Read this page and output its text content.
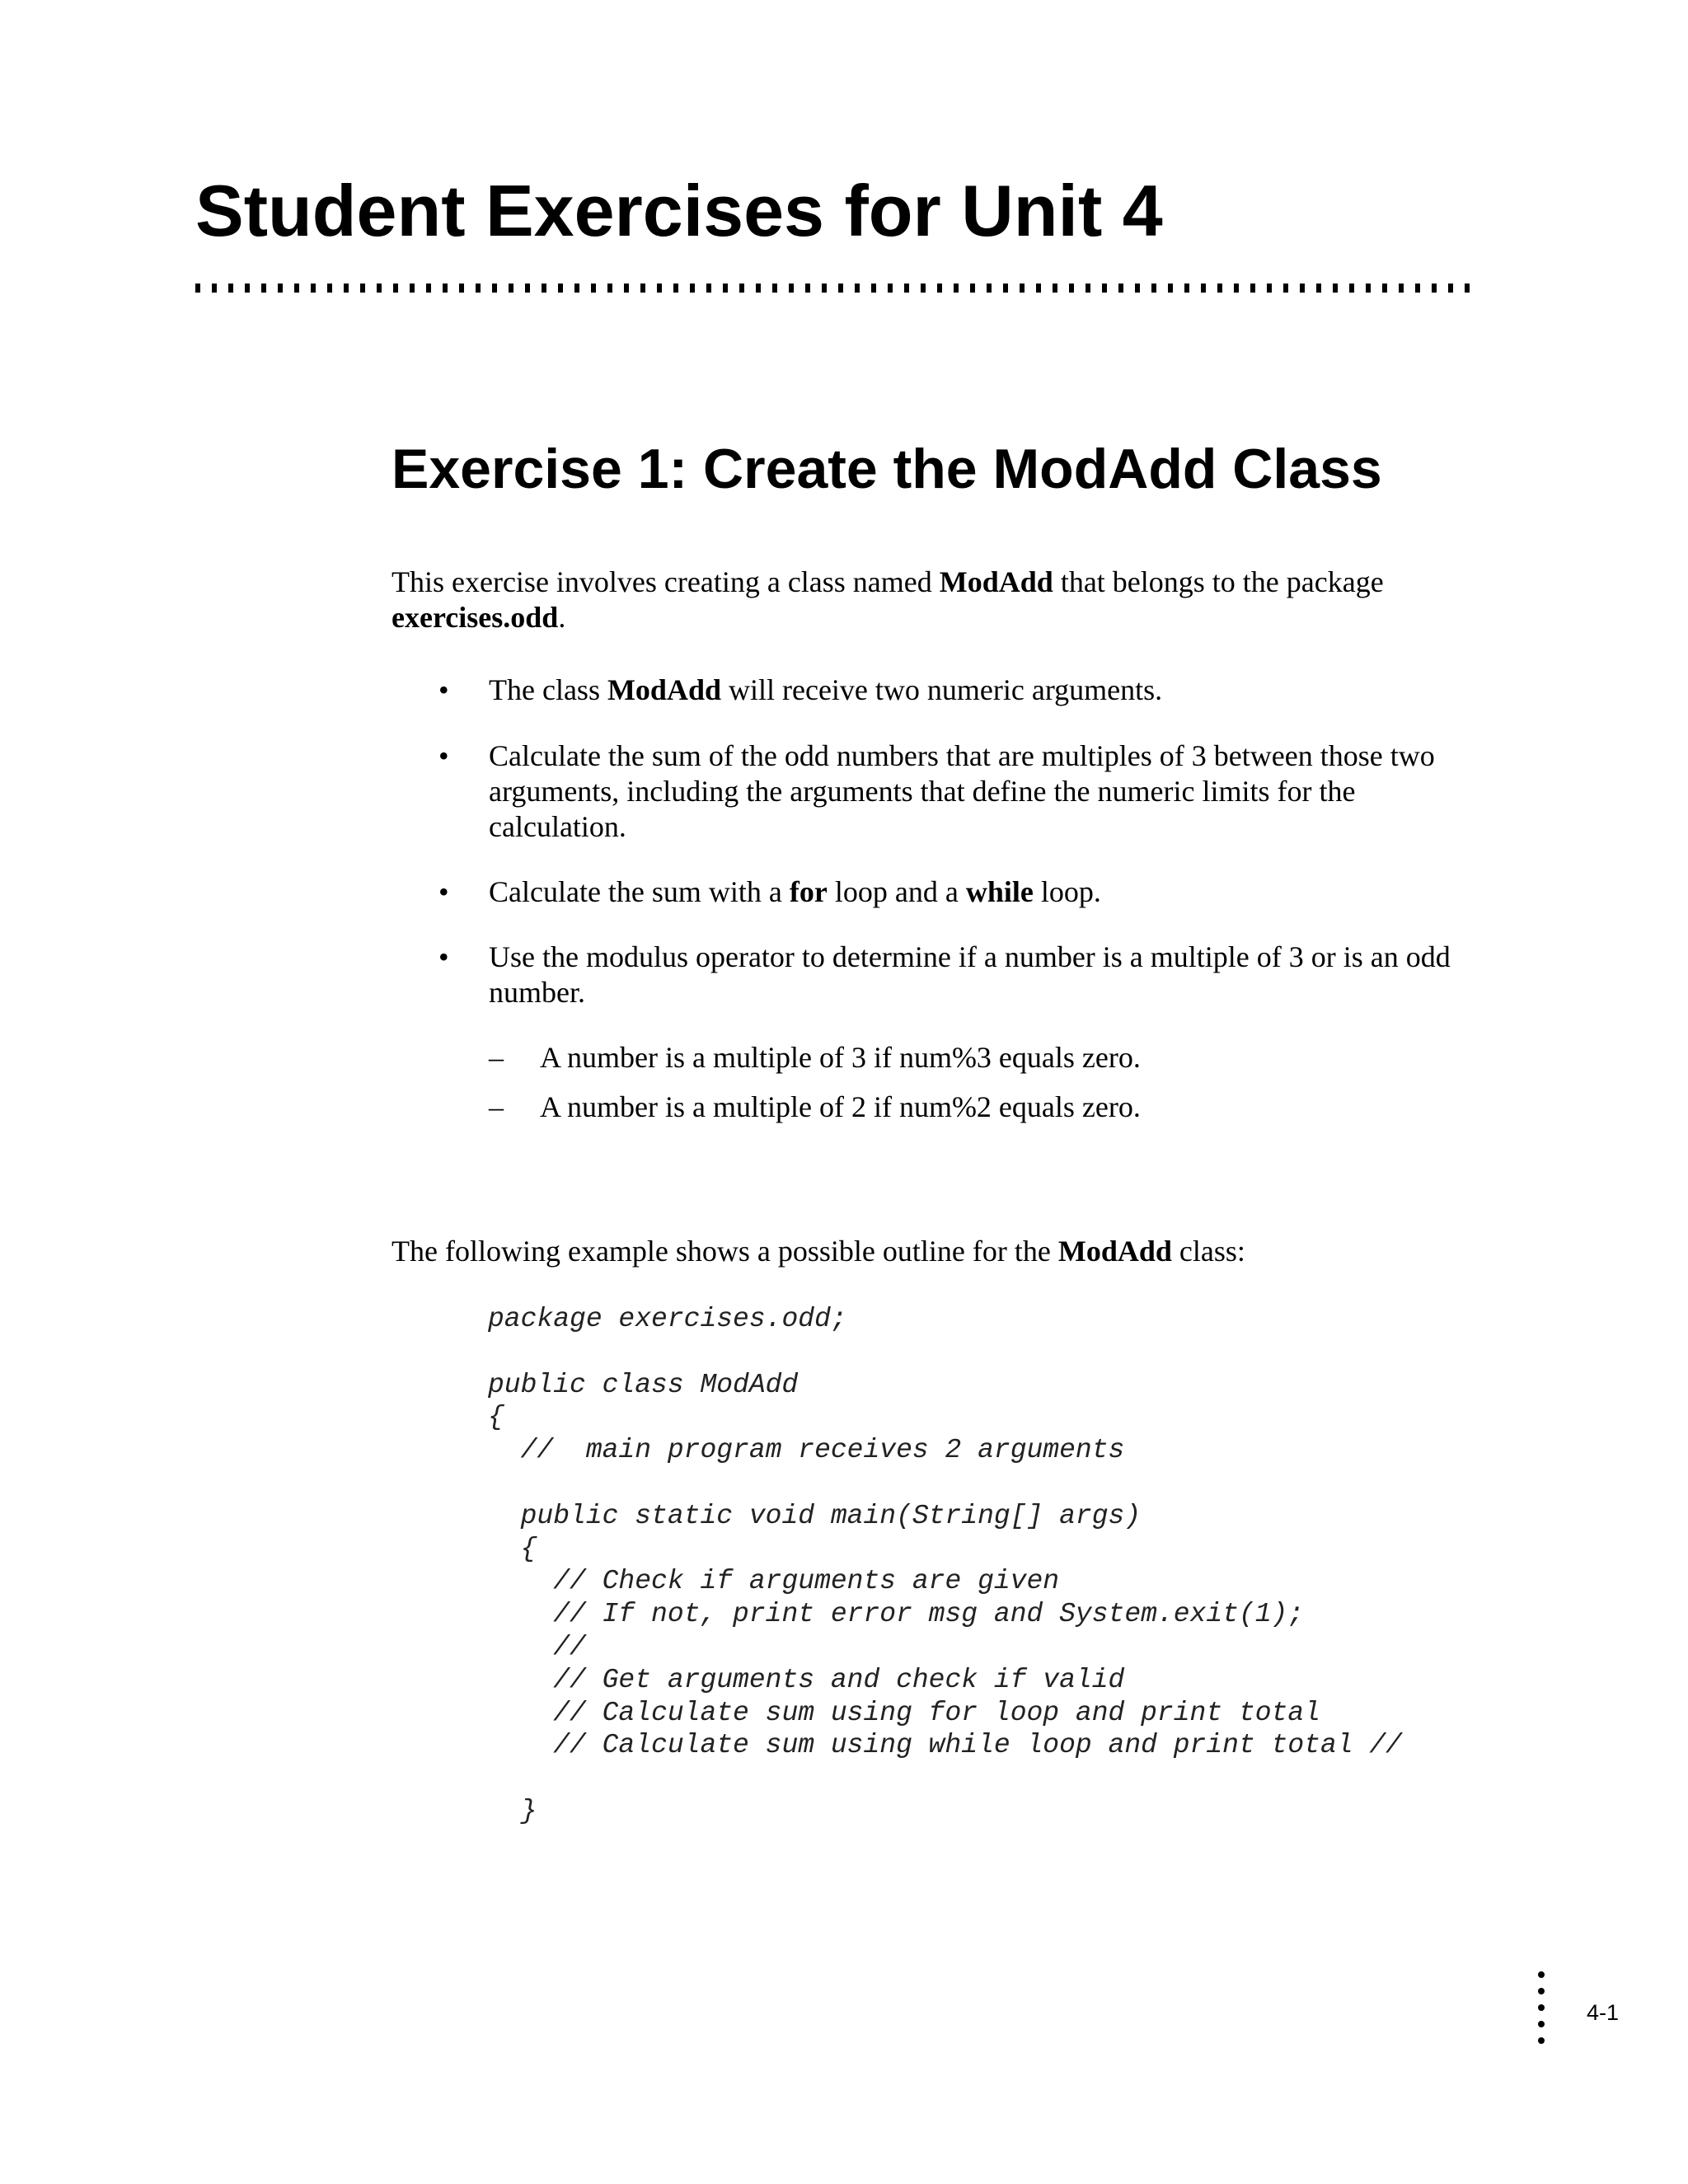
Student Exercises for Unit 4
Exercise 1: Create the ModAdd Class

This exercise involves creating a class named ModAdd that belongs to the package exercises.odd.

• The class ModAdd will receive two numeric arguments.
• Calculate the sum of the odd numbers that are multiples of 3 between those two arguments, including the arguments that define the numeric limits for the calculation.
• Calculate the sum with a for loop and a while loop.
• Use the modulus operator to determine if a number is a multiple of 3 or is an odd number.
– A number is a multiple of 3 if num%3 equals zero.
– A number is a multiple of 2 if num%2 equals zero.

The following example shows a possible outline for the ModAdd class:

package exercises.odd;
public class ModAdd
{
//  main program receives 2 arguments
public static void main(String[] args)
{
// Check if arguments are given
// If not, print error msg and System.exit(1);
//
// Get arguments and check if valid
// Calculate sum using for loop and print total
// Calculate sum using while loop and print total //
}
4-1
